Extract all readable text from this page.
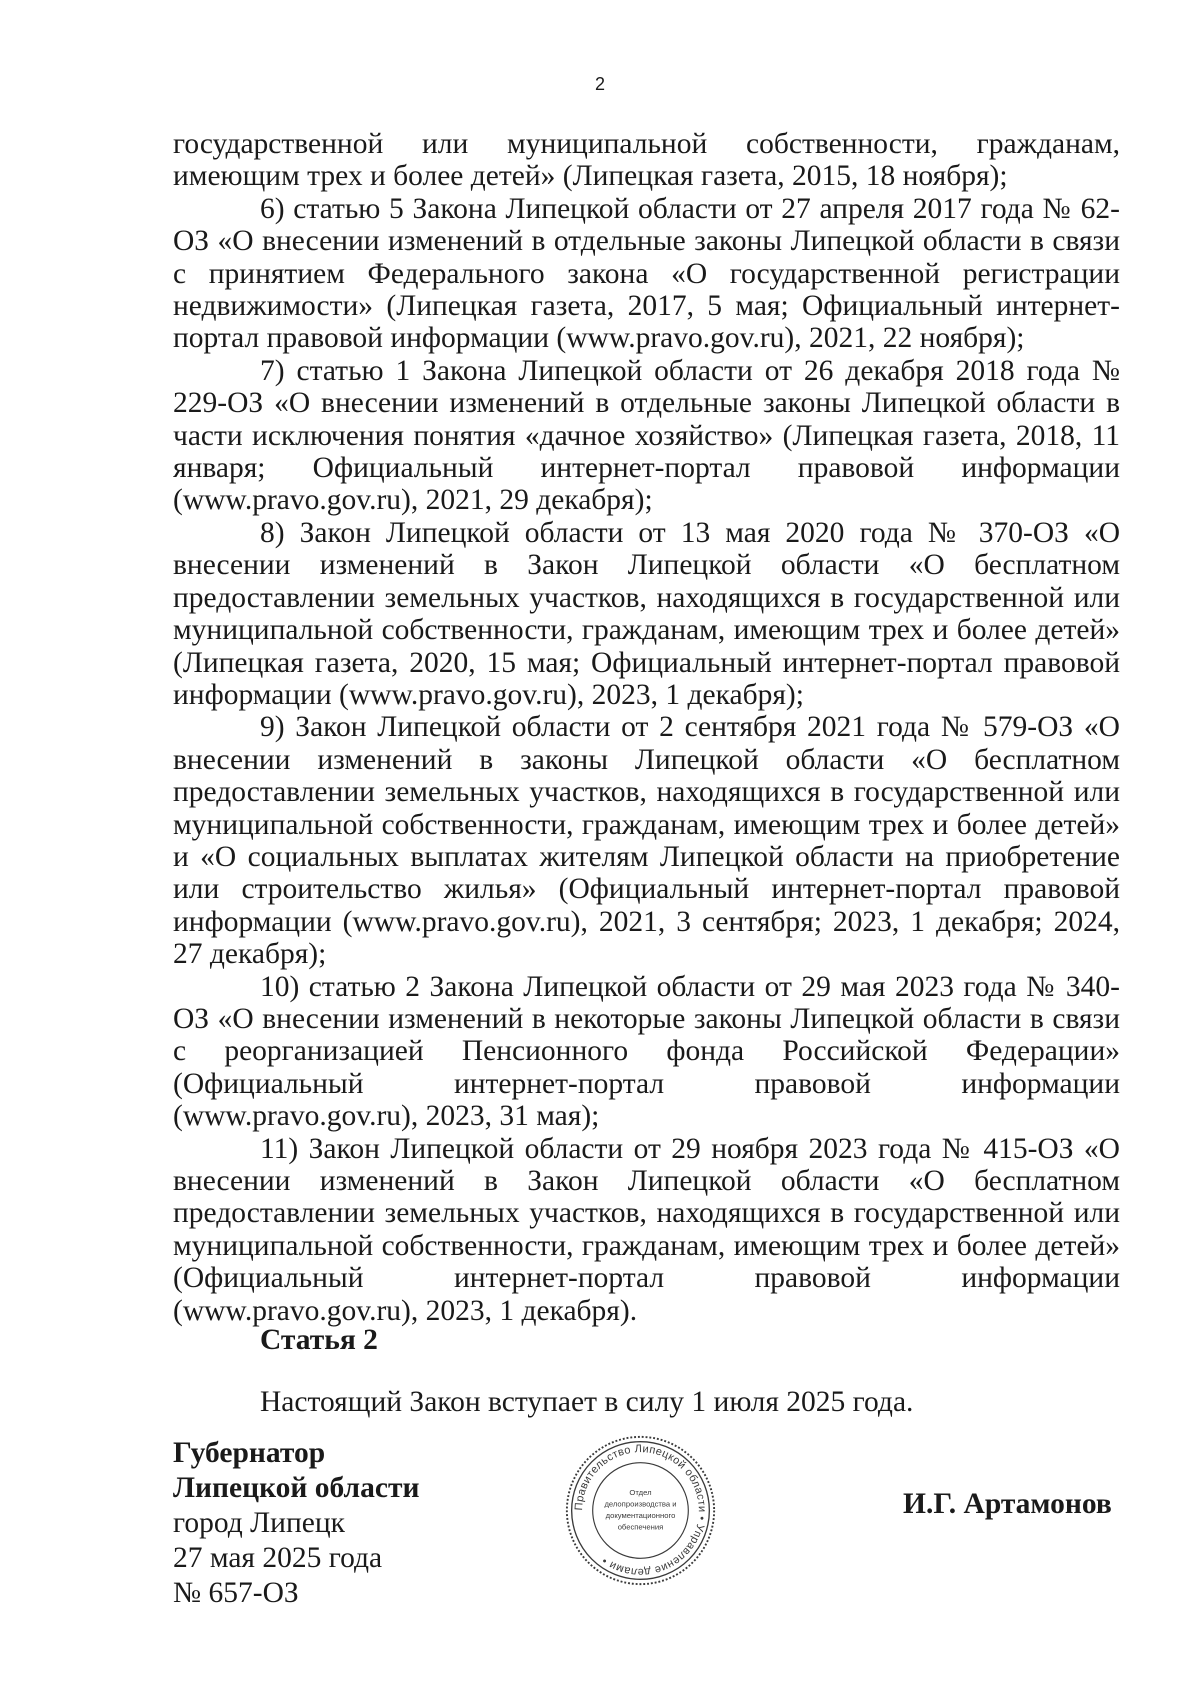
2

государственной или муниципальной собственности, гражданам, имеющим трех и более детей» (Липецкая газета, 2015, 18 ноября);

6) статью 5 Закона Липецкой области от 27 апреля 2017 года № 62-ОЗ «О внесении изменений в отдельные законы Липецкой области в связи с принятием Федерального закона «О государственной регистрации недвижимости» (Липецкая газета, 2017, 5 мая; Официальный интернет-портал правовой информации (www.pravo.gov.ru), 2021, 22 ноября);

7) статью 1 Закона Липецкой области от 26 декабря 2018 года № 229-ОЗ «О внесении изменений в отдельные законы Липецкой области в части исключения понятия «дачное хозяйство» (Липецкая газета, 2018, 11 января; Официальный интернет-портал правовой информации (www.pravo.gov.ru), 2021, 29 декабря);

8) Закон Липецкой области от 13 мая 2020 года № 370-ОЗ «О внесении изменений в Закон Липецкой области «О бесплатном предоставлении земельных участков, находящихся в государственной или муниципальной собственности, гражданам, имеющим трех и более детей» (Липецкая газета, 2020, 15 мая; Официальный интернет-портал правовой информации (www.pravo.gov.ru), 2023, 1 декабря);

9) Закон Липецкой области от 2 сентября 2021 года № 579-ОЗ «О внесении изменений в законы Липецкой области «О бесплатном предоставлении земельных участков, находящихся в государственной или муниципальной собственности, гражданам, имеющим трех и более детей» и «О социальных выплатах жителям Липецкой области на приобретение или строительство жилья» (Официальный интернет-портал правовой информации (www.pravo.gov.ru), 2021, 3 сентября; 2023, 1 декабря; 2024, 27 декабря);

10) статью 2 Закона Липецкой области от 29 мая 2023 года № 340-ОЗ «О внесении изменений в некоторые законы Липецкой области в связи с реорганизацией Пенсионного фонда Российской Федерации» (Официальный интернет-портал правовой информации (www.pravo.gov.ru), 2023, 31 мая);

11) Закон Липецкой области от 29 ноября 2023 года № 415-ОЗ «О внесении изменений в Закон Липецкой области «О бесплатном предоставлении земельных участков, находящихся в государственной или муниципальной собственности, гражданам, имеющим трех и более детей» (Официальный интернет-портал правовой информации (www.pravo.gov.ru), 2023, 1 декабря).

Статья 2
Настоящий Закон вступает в силу 1 июля 2025 года.
Губернатор
Липецкой области
город Липецк
27 мая 2025 года
№ 657-ОЗ
И.Г. Артамонов
Правительство Липецкой области • Управление делами •
Отдел
делопроизводства и
документационного
обеспечения
